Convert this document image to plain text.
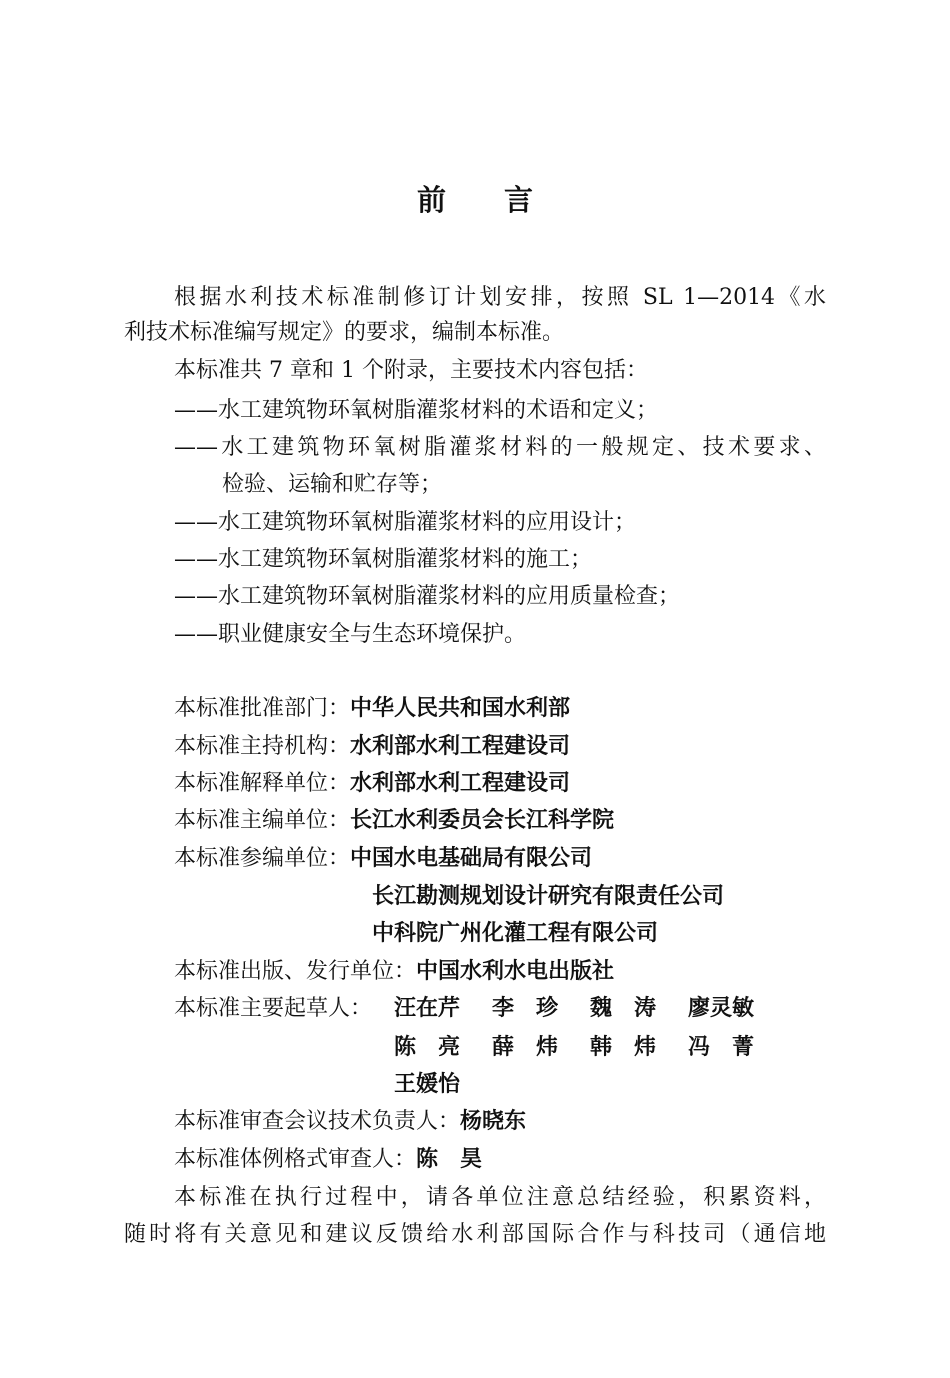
前言
根据水利技术标准制修订计划安排，按照 SL 1—2014《水
利技术标准编写规定》的要求，编制本标准。
本标准共 7 章和 1 个附录，主要技术内容包括：
——水工建筑物环氧树脂灌浆材料的术语和定义；
——水工建筑物环氧树脂灌浆材料的一般规定、技术要求、
检验、运输和贮存等；
——水工建筑物环氧树脂灌浆材料的应用设计；
——水工建筑物环氧树脂灌浆材料的施工；
——水工建筑物环氧树脂灌浆材料的应用质量检查；
——职业健康安全与生态环境保护。
本标准批准部门：中华人民共和国水利部
本标准主持机构：水利部水利工程建设司
本标准解释单位：水利部水利工程建设司
本标准主编单位：长江水利委员会长江科学院
本标准参编单位：中国水电基础局有限公司
长江勘测规划设计研究有限责任公司
中科院广州化灌工程有限公司
本标准出版、发行单位：中国水利水电出版社
本标准主要起草人： 汪在芹 李　珍 魏　涛 廖灵敏
陈　亮 薛　炜 韩　炜 冯　菁
王媛怡
本标准审查会议技术负责人：杨晓东
本标准体例格式审查人：陈　昊
本标准在执行过程中，请各单位注意总结经验，积累资料，
随时将有关意见和建议反馈给水利部国际合作与科技司（通信地
